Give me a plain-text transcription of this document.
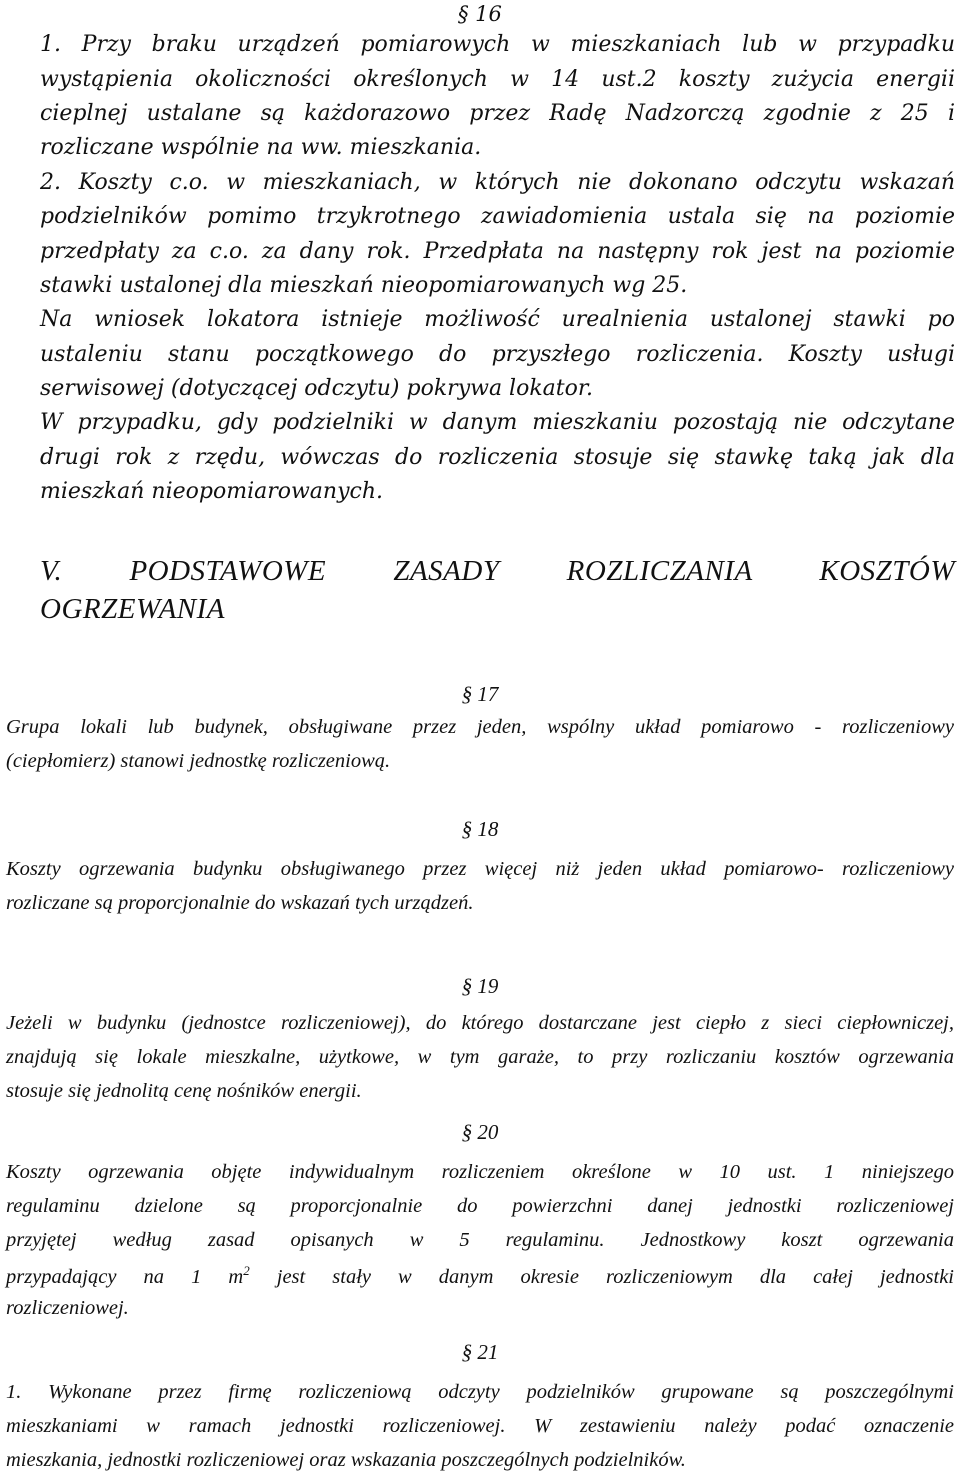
§ 16
1. Przy braku urządzeń pomiarowych w mieszkaniach lub w przypadku
wystąpienia okoliczności określonych w 14 ust.2 koszty zużycia energii
cieplnej ustalane są każdorazowo przez Radę Nadzorczą zgodnie z 25 i
rozliczane wspólnie na ww. mieszkania.
2. Koszty c.o. w mieszkaniach, w których nie dokonano odczytu wskazań
podzielników pomimo trzykrotnego zawiadomienia ustala się na poziomie
przedpłaty za c.o. za dany rok. Przedpłata na następny rok jest na poziomie
stawki ustalonej dla mieszkań nieopomiarowanych wg 25.
Na wniosek lokatora istnieje możliwość urealnienia ustalonej stawki po
ustaleniu stanu początkowego do przyszłego rozliczenia. Koszty usługi
serwisowej (dotyczącej odczytu) pokrywa lokator.
W przypadku, gdy podzielniki w danym mieszkaniu pozostają nie odczytane
drugi rok z rzędu, wówczas do rozliczenia stosuje się stawkę taką jak dla
mieszkań nieopomiarowanych.
V. PODSTAWOWE ZASADY ROZLICZANIA KOSZTÓW
OGRZEWANIA
§ 17
Grupa lokali lub budynek, obsługiwane przez jeden, wspólny układ pomiarowo - rozliczeniowy
(ciepłomierz) stanowi jednostkę rozliczeniową.
§ 18
Koszty ogrzewania budynku obsługiwanego przez więcej niż jeden układ pomiarowo- rozliczeniowy
rozliczane są proporcjonalnie do wskazań tych urządzeń.
§ 19
Jeżeli w budynku (jednostce rozliczeniowej), do którego dostarczane jest ciepło z sieci ciepłowniczej,
znajdują się lokale mieszkalne, użytkowe, w tym garaże, to przy rozliczaniu kosztów ogrzewania
stosuje się jednolitą cenę nośników energii.
§ 20
Koszty ogrzewania objęte indywidualnym rozliczeniem określone w 10 ust. 1 niniejszego
regulaminu dzielone są proporcjonalnie do powierzchni danej jednostki rozliczeniowej
przyjętej według zasad opisanych w 5 regulaminu. Jednostkowy koszt ogrzewania
przypadający na 1 $m^2$ jest stały w danym okresie rozliczeniowym dla całej jednostki
rozliczeniowej.
§ 21
1. Wykonane przez firmę rozliczeniową odczyty podzielników grupowane są poszczególnymi
mieszkaniami w ramach jednostki rozliczeniowej. W zestawieniu należy podać oznaczenie
mieszkania, jednostki rozliczeniowej oraz wskazania poszczególnych podzielników.
